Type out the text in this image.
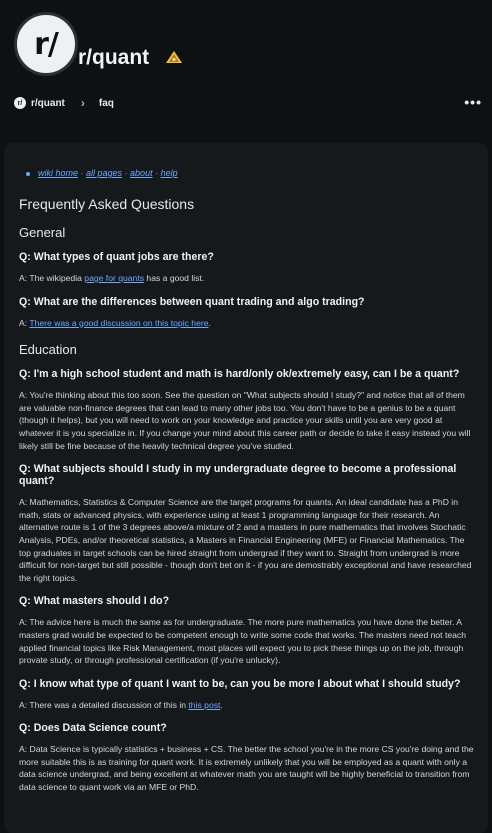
r/ r/quant
r/ r/quant › faq	•••
wiki home · all pages · about · help
Frequently Asked Questions
General
Q: What types of quant jobs are there?
A: The wikipedia page for quants has a good list.
Q: What are the differences between quant trading and algo trading?
A: There was a good discussion on this topic here.
Education
Q: I'm a high school student and math is hard/only ok/extremely easy, can I be a quant?
A: You're thinking about this too soon. See the question on "What subjects should I study?" and notice that all of them are valuable non-finance degrees that can lead to many other jobs too. You don't have to be a genius to be a quant (though it helps), but you will need to work on your knowledge and practice your skills until you are very good at whatever it is you specialize in. If you change your mind about this career path or decide to take it easy instead you will likely still be fine because of the heavily technical degree you've studied.
Q: What subjects should I study in my undergraduate degree to become a professional quant?
A: Mathematics, Statistics & Computer Science are the target programs for quants. An ideal candidate has a PhD in math, stats or advanced physics, with experience using at least 1 programming language for their research. An alternative route is 1 of the 3 degrees above/a mixture of 2 and a masters in pure mathematics that involves Stochatic Analysis, PDEs, and/or theoretical statistics, a Masters in Financial Engineering (MFE) or Financial Mathematics. The top graduates in target schools can be hired straight from undergrad if they want to. Straight from undergrad is more difficult for non-target but still possible - though don't bet on it - if you are demostrably exceptional and have researched the right topics.
Q: What masters should I do?
A: The advice here is much the same as for undergraduate. The more pure mathematics you have done the better. A masters grad would be expected to be competent enough to write some code that works. The masters need not teach applied financial topics like Risk Management, most places will expect you to pick these things up on the job, through provate study, or through professional certification (if you're unlucky).
Q: I know what type of quant I want to be, can you be more I about what I should study?
A: There was a detailed discussion of this in this post.
Q: Does Data Science count?
A: Data Science is typically statistics + business + CS. The better the school you're in the more CS you're doing and the more suitable this is as training for quant work. It is extremely unlikely that you will be employed as a quant with only a data science undergrad, and being excellent at whatever math you are taught will be highly beneficial to transition from data science to quant work via an MFE or PhD.
